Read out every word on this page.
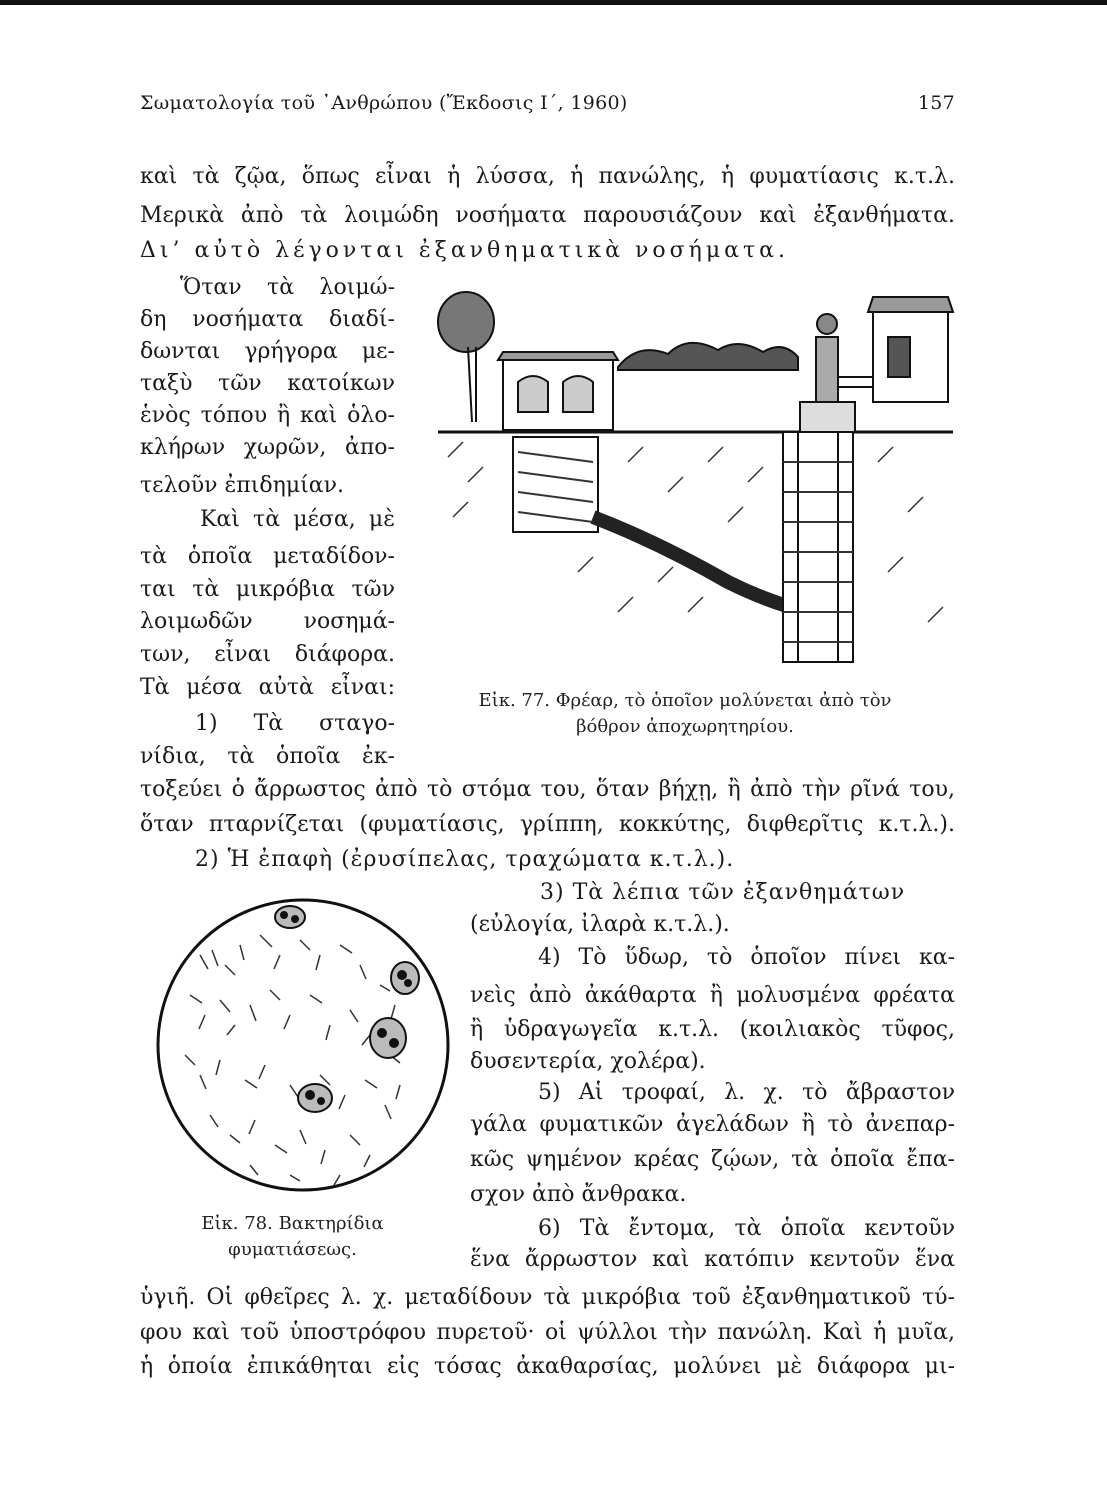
Σωματολογία τοῦ ᾿Ανθρώπου (Ἔκδοσις Ι΄, 1960)	157
καὶ τὰ ζῷα, ὅπως εἶναι ἡ λύσσα, ἡ πανώλης, ἡ φυματίασις κ.τ.λ.
Μερικὰ ἀπὸ τὰ λοιμώδη νοσήματα παρουσιάζουν καὶ ἐξανθήματα.
Δι’ αὐτὸ λέγονται ἐξανθηματικὰ νοσήματα.
Ὅταν τὰ λοιμώ-
δη νοσήματα διαδί-
δωνται γρήγορα με-
ταξὺ τῶν κατοίκων
ἑνὸς τόπου ἢ καὶ ὁλο-
κλήρων χωρῶν, ἀπο-
τελοῦν ἐπιδημίαν.
Καὶ τὰ μέσα, μὲ
τὰ ὁποῖα μεταδίδον-
ται τὰ μικρόβια τῶν
λοιμωδῶν νοσημά-
των, εἶναι διάφορα.
Τὰ μέσα αὐτὰ εἶναι:
1) Τὰ σταγο-
νίδια, τὰ ὁποῖα ἐκ-
Εἰκ. 77. Φρέαρ, τὸ ὁποῖον μολύνεται ἀπὸ τὸν
βόθρον ἀποχωρητηρίου.
τοξεύει ὁ ἄρρωστος ἀπὸ τὸ στόμα του, ὅταν βήχῃ, ἢ ἀπὸ τὴν ρῖνά του,
ὅταν πταρνίζεται (φυματίασις, γρίππη, κοκκύτης, διφθερῖτις κ.τ.λ.).
2) Ἡ ἐπαφὴ (ἐρυσίπελας, τραχώματα κ.τ.λ.).
Εἰκ. 78. Βακτηρίδια
φυματιάσεως.
3) Τὰ λέπια τῶν ἐξανθημάτων
(εὐλογία, ἰλαρὰ κ.τ.λ.).
4) Τὸ ὕδωρ, τὸ ὁποῖον πίνει κα-
νεὶς ἀπὸ ἀκάθαρτα ἢ μολυσμένα φρέατα
ἢ ὑδραγωγεῖα κ.τ.λ. (κοιλιακὸς τῦφος,
δυσεντερία, χολέρα).
5) Αἱ τροφαί, λ. χ. τὸ ἄβραστον
γάλα φυματικῶν ἀγελάδων ἢ τὸ ἀνεπαρ-
κῶς ψημένον κρέας ζῴων, τὰ ὁποῖα ἔπα-
σχον ἀπὸ ἄνθρακα.
6) Τὰ ἔντομα, τὰ ὁποῖα κεντοῦν
ἕνα ἄρρωστον καὶ κατόπιν κεντοῦν ἕνα
ὑγιῆ. Οἱ φθεῖρες λ. χ. μεταδίδουν τὰ μικρόβια τοῦ ἐξανθηματικοῦ τύ-
φου καὶ τοῦ ὑποστρόφου πυρετοῦ· οἱ ψύλλοι τὴν πανώλη. Καὶ ἡ μυῖα,
ἡ ὁποία ἐπικάθηται εἰς τόσας ἀκαθαρσίας, μολύνει μὲ διάφορα μι-
